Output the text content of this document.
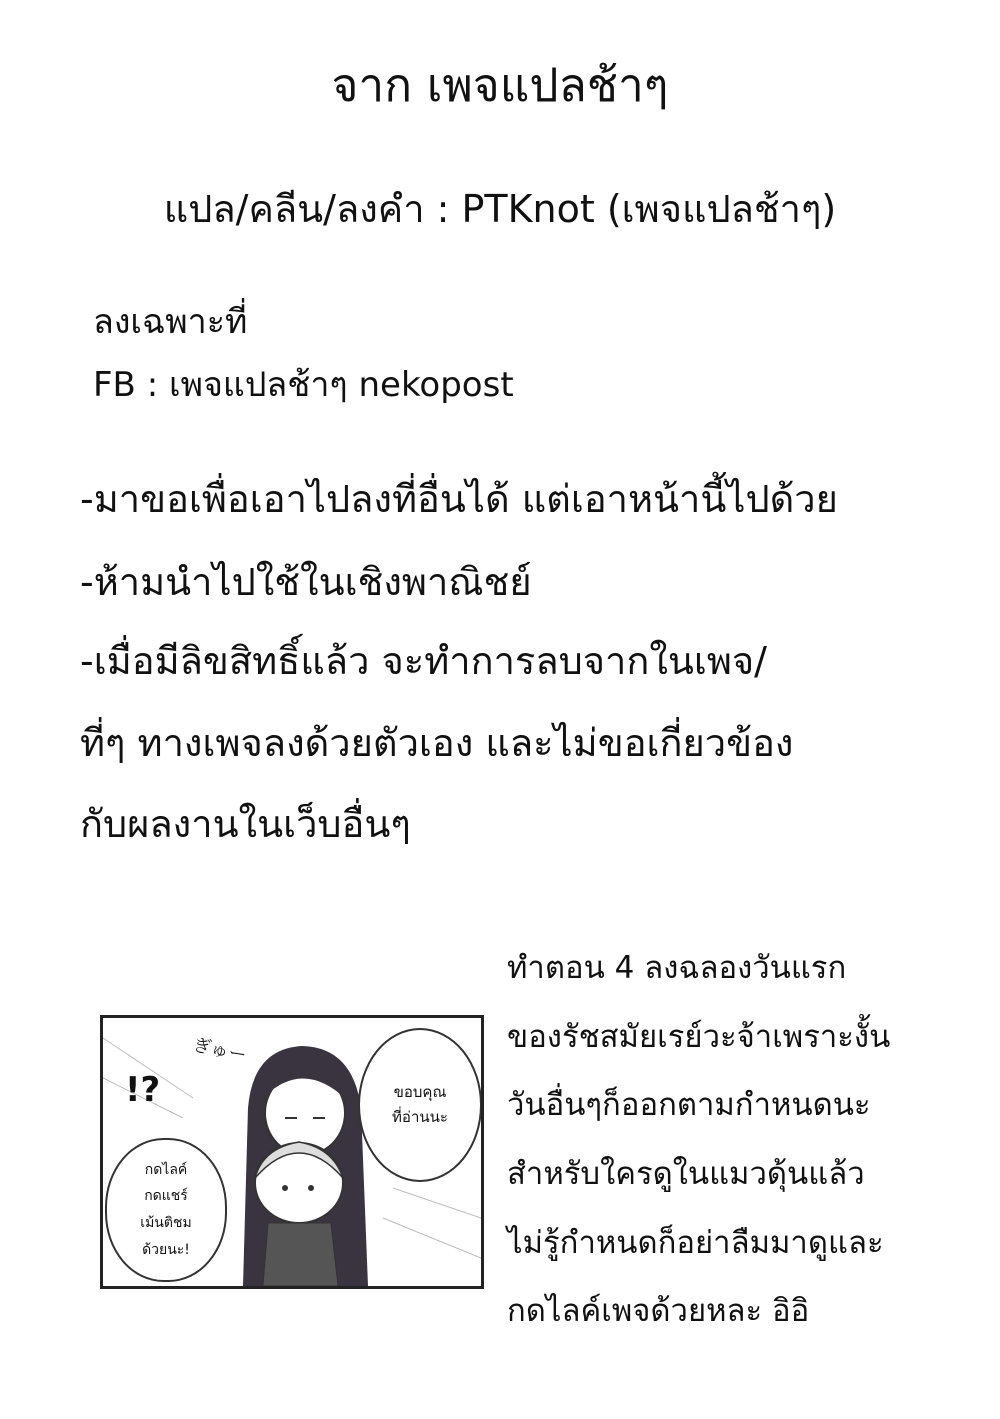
จาก เพจแปลช้าๆ
แปล/คลีน/ลงคำ : PTKnot (เพจแปลช้าๆ)
ลงเฉพาะที่
FB : เพจแปลช้าๆ nekopost
-มาขอเพื่อเอาไปลงที่อื่นได้ แต่เอาหน้านี้ไปด้วย
-ห้ามนำไปใช้ในเชิงพาณิชย์
-เมื่อมีลิขสิทธิ์แล้ว จะทำการลบจากในเพจ/
ที่ๆ ทางเพจลงด้วยตัวเอง และไม่ขอเกี่ยวข้อง
กับผลงานในเว็บอื่นๆ
ทำตอน 4 ลงฉลองวันแรก
ของรัชสมัยเรย์วะจ้าเพราะงั้น
วันอื่นๆก็ออกตามกำหนดนะ
สำหรับใครดูในแมวดุ้นแล้ว
ไม่รู้กำหนดก็อย่าลืมมาดูและ
กดไลค์เพจด้วยหละ อิอิ
!?
ぎゅー
ขอบคุณ
ที่อ่านนะ
กดไลค์
กดแชร์
เม้นติชม
ด้วยนะ!
